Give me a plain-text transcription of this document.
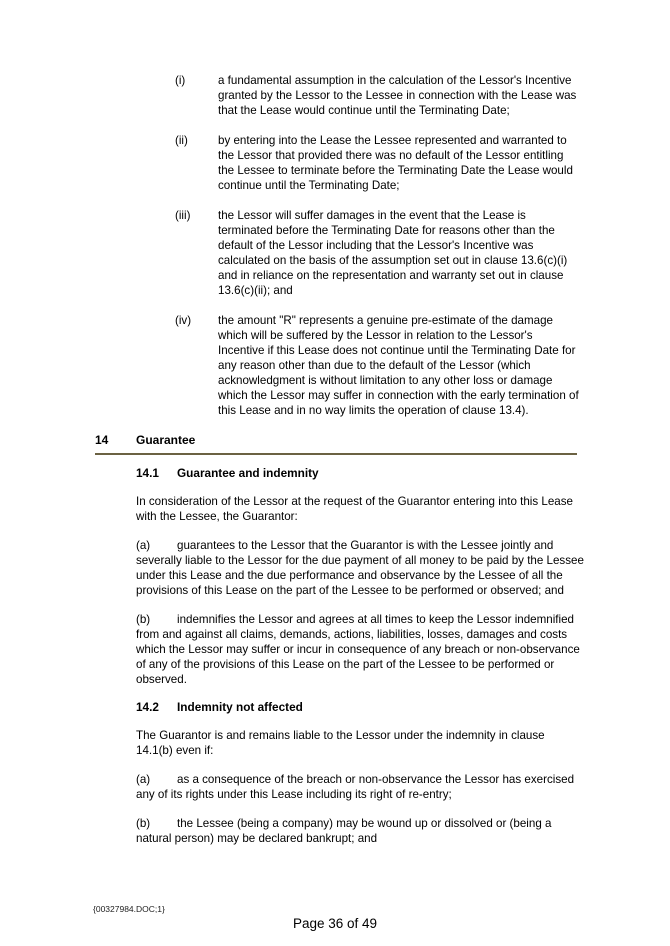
(i)	a fundamental assumption in the calculation of the Lessor's Incentive granted by the Lessor to the Lessee in connection with the Lease was that the Lease would continue until the Terminating Date;
(ii)	by entering into the Lease the Lessee represented and warranted to the Lessor that provided there was no default of the Lessor entitling the Lessee to terminate before the Terminating Date the Lease would continue until the Terminating Date;
(iii)	the Lessor will suffer damages in the event that the Lease is terminated before the Terminating Date for reasons other than the default of the Lessor including that the Lessor's Incentive was calculated on the basis of the assumption set out in clause 13.6(c)(i) and in reliance on the representation and warranty set out in clause 13.6(c)(ii); and
(iv)	the amount "R" represents a genuine pre-estimate of the damage which will be suffered by the Lessor in relation to the Lessor's Incentive if this Lease does not continue until the Terminating Date for any reason other than due to the default of the Lessor (which acknowledgment is without limitation to any other loss or damage which the Lessor may suffer in connection with the early termination of this Lease and in no way limits the operation of clause 13.4).
14	Guarantee
14.1	Guarantee and indemnity

In consideration of the Lessor at the request of the Guarantor entering into this Lease with the Lessee, the Guarantor:

(a) guarantees to the Lessor that the Guarantor is with the Lessee jointly and severally liable to the Lessor for the due payment of all money to be paid by the Lessee under this Lease and the due performance and observance by the Lessee of all the provisions of this Lease on the part of the Lessee to be performed or observed; and

(b) indemnifies the Lessor and agrees at all times to keep the Lessor indemnified from and against all claims, demands, actions, liabilities, losses, damages and costs which the Lessor may suffer or incur in consequence of any breach or non-observance of any of the provisions of this Lease on the part of the Lessee to be performed or observed.

14.2	Indemnity not affected

The Guarantor is and remains liable to the Lessor under the indemnity in clause 14.1(b) even if:

(a) as a consequence of the breach or non-observance the Lessor has exercised any of its rights under this Lease including its right of re-entry;

(b) the Lessee (being a company) may be wound up or dissolved or (being a natural person) may be declared bankrupt; and

{00327984.DOC;1}
Page 36 of 49
